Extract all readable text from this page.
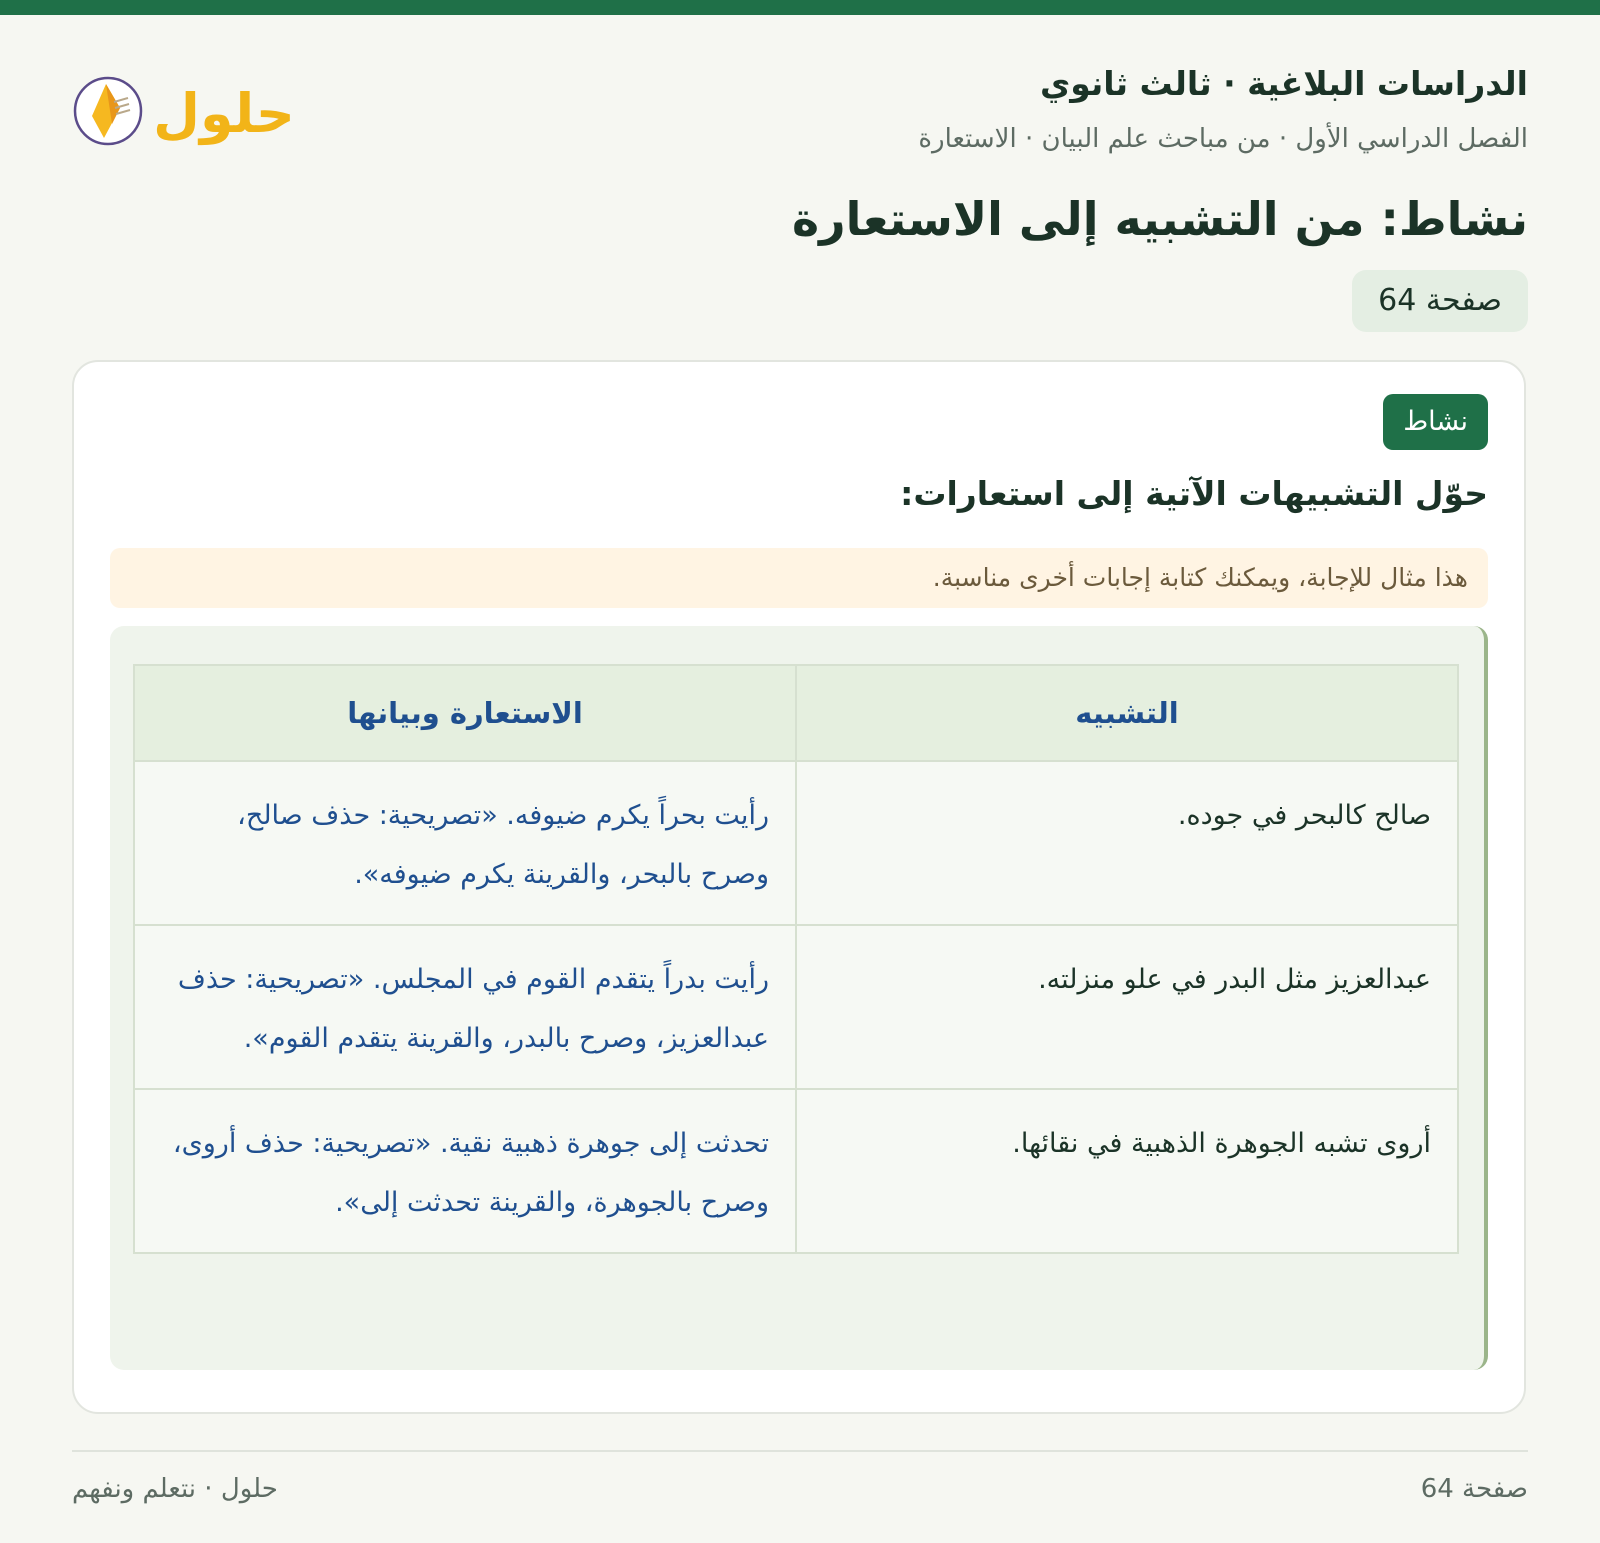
الدراسات البلاغية · ثالث ثانوي
الفصل الدراسي الأول · من مباحث علم البيان · الاستعارة
حلول
نشاط: من التشبيه إلى الاستعارة
صفحة 64
نشاط
حوّل التشبيهات الآتية إلى استعارات:
هذا مثال للإجابة، ويمكنك كتابة إجابات أخرى مناسبة.
التشبيه	الاستعارة وبيانها
صالح كالبحر في جوده.	رأيت بحراً يكرم ضيوفه. «تصريحية: حذف صالح، وصرح بالبحر، والقرينة يكرم ضيوفه».
عبدالعزيز مثل البدر في علو منزلته.	رأيت بدراً يتقدم القوم في المجلس. «تصريحية: حذف عبدالعزيز، وصرح بالبدر، والقرينة يتقدم القوم».
أروى تشبه الجوهرة الذهبية في نقائها.	تحدثت إلى جوهرة ذهبية نقية. «تصريحية: حذف أروى، وصرح بالجوهرة، والقرينة تحدثت إلى».
صفحة 64
حلول · نتعلم ونفهم
